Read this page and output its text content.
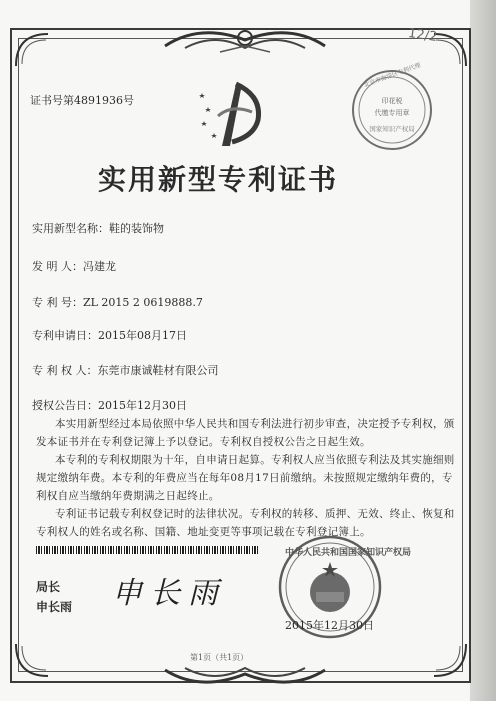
12/2
证书号第4891936号
北京市海淀区专利代理
印花税
代缴专用章
国家知识产权局
实用新型专利证书
实用新型名称：鞋的装饰物
发 明 人：冯建龙
专 利 号：ZL 2015 2 0619888.7
专利申请日：2015年08月17日
专 利 权 人：东莞市康诚鞋材有限公司
授权公告日：2015年12月30日
本实用新型经过本局依照中华人民共和国专利法进行初步审查，决定授予专利权，颁
发本证书并在专利登记簿上予以登记。专利权自授权公告之日起生效。
本专利的专利权期限为十年，自申请日起算。专利权人应当依照专利法及其实施细则
规定缴纳年费。本专利的年费应当在每年08月17日前缴纳。未按照规定缴纳年费的，专
利权自应当缴纳年费期满之日起终止。
专利证书记载专利权登记时的法律状况。专利权的转移、质押、无效、终止、恢复和
专利权人的姓名或名称、国籍、地址变更等事项记载在专利登记簿上。
局长
申长雨 申长雨
中华人民共和国国家知识产权局
2015年12月30日
第1页（共1页）
